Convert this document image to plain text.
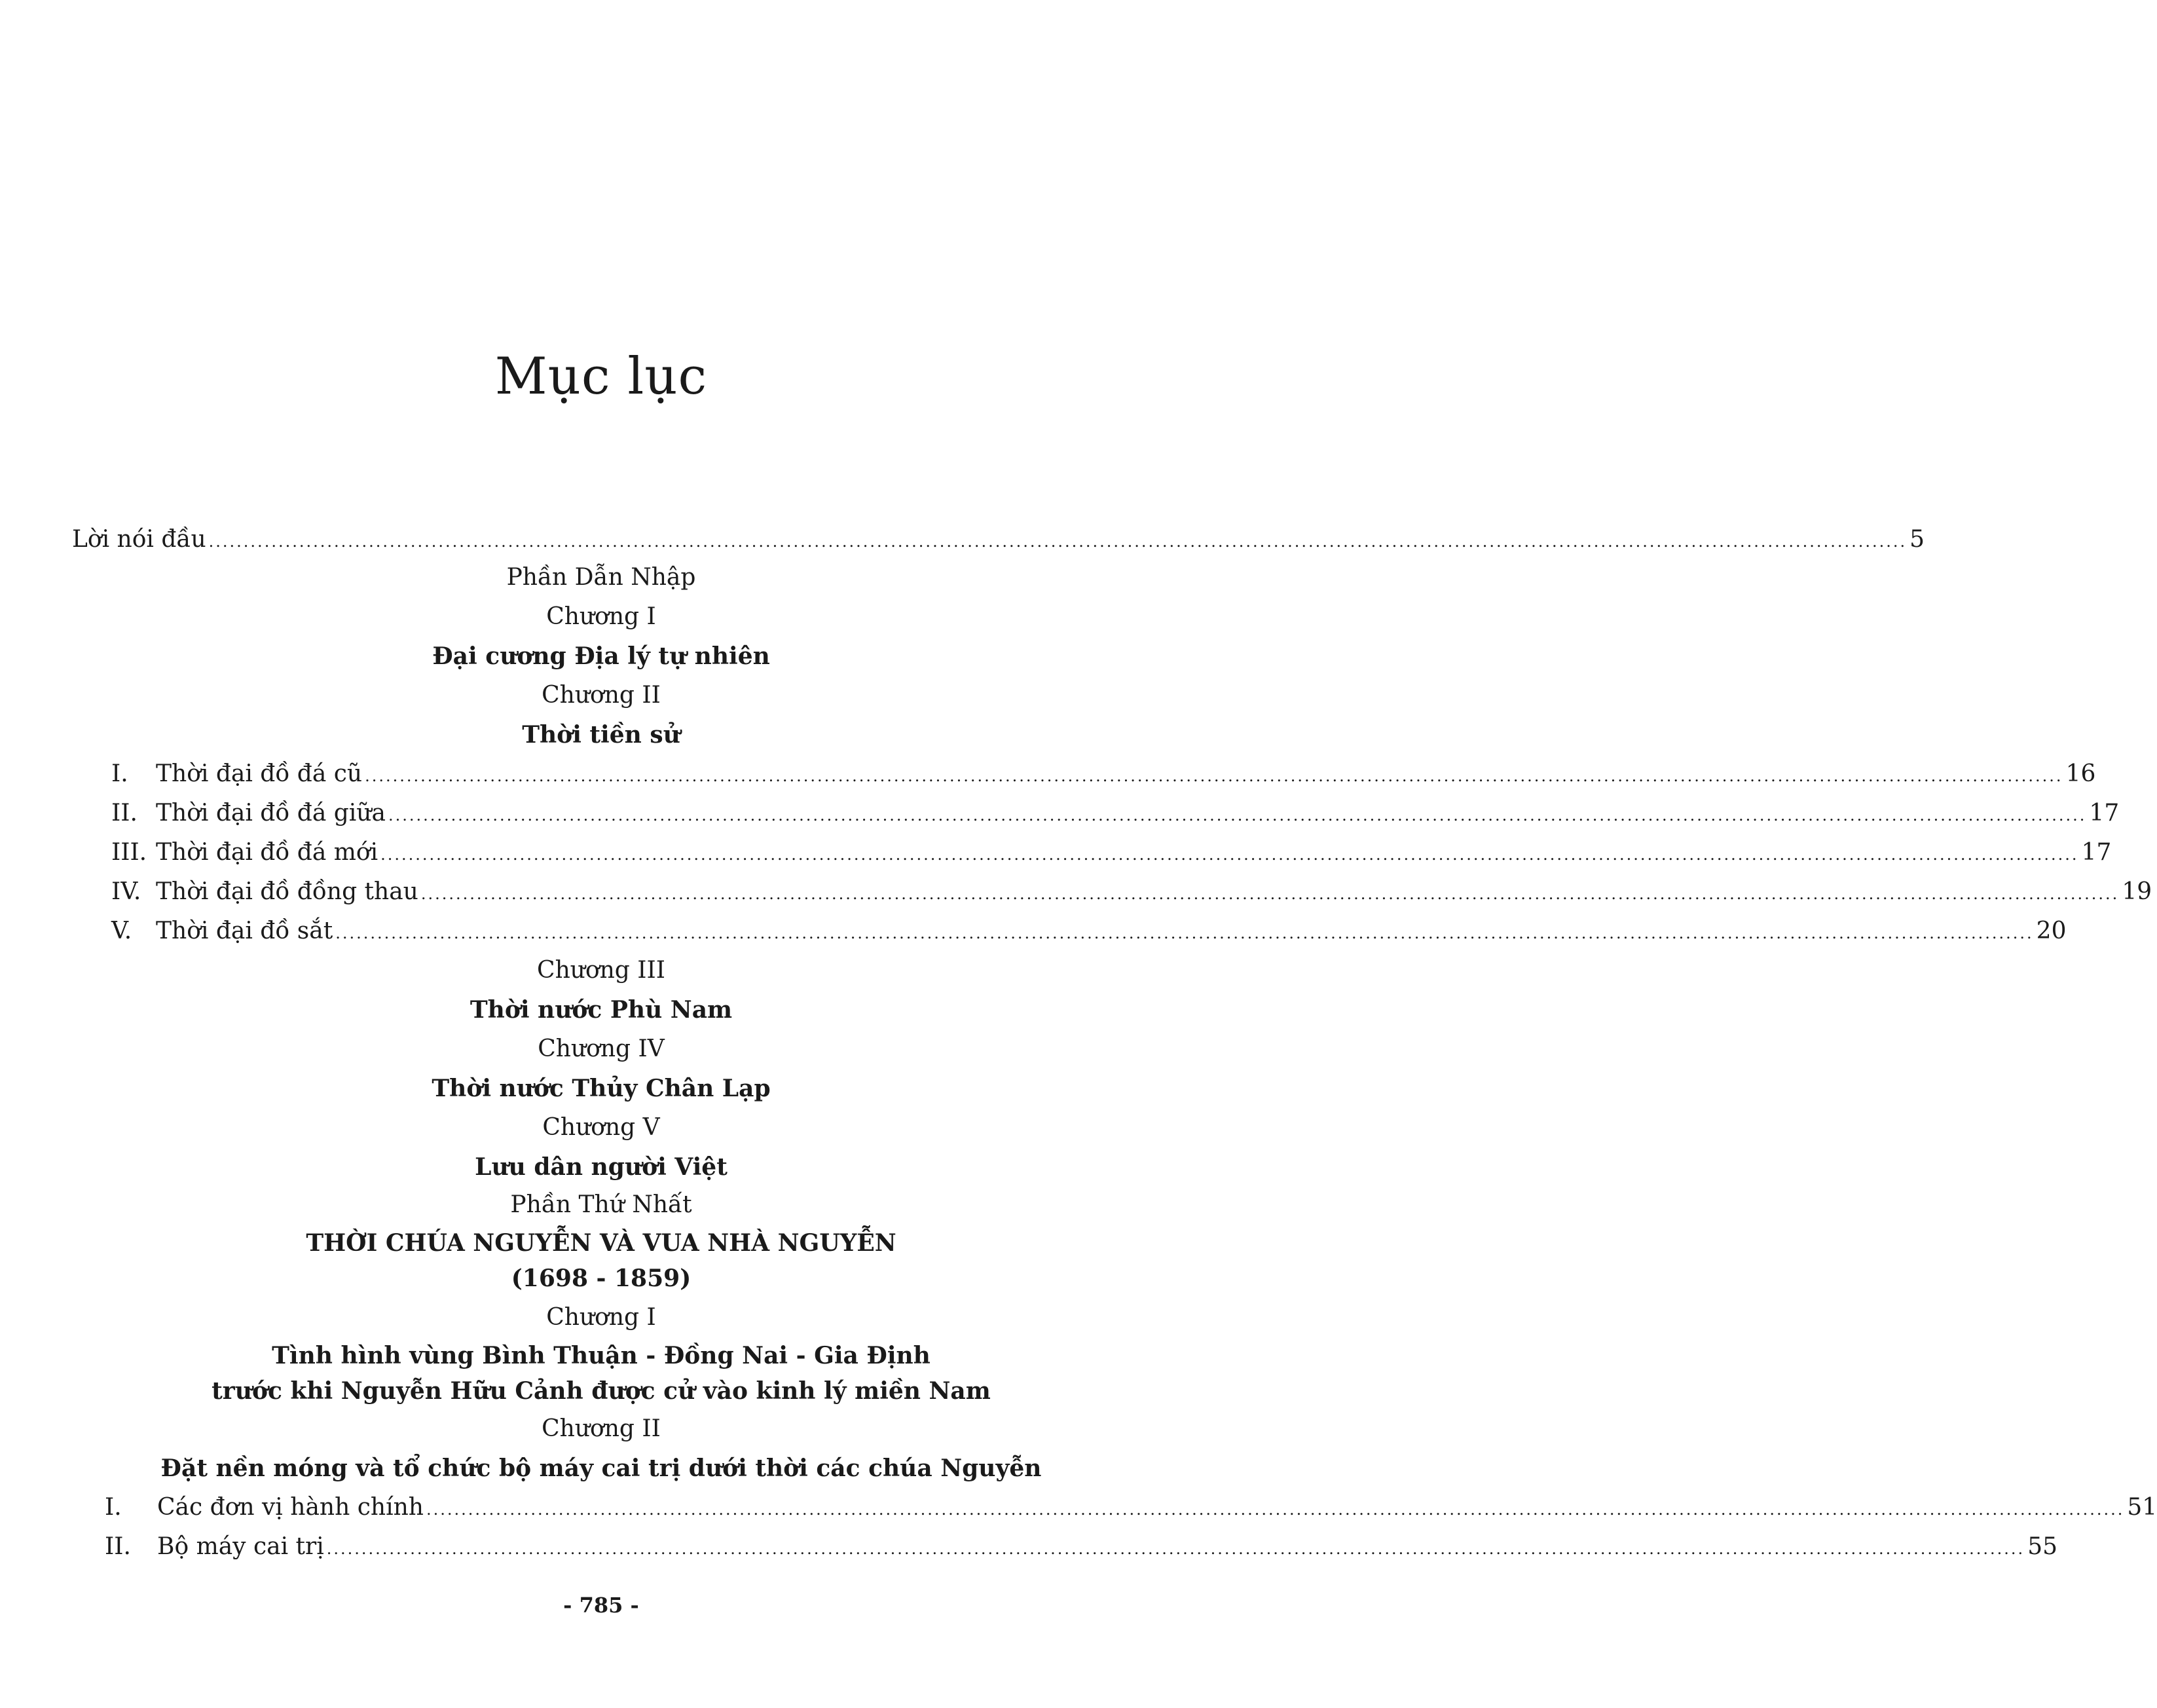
Mục lục
Lời nói đầu .................................................................................................................................................................................................................................................... 5
Phần Dẫn Nhập
Chương I
Đại cương Địa lý tự nhiên
Chương II
Thời tiền sử
I.	Thời đại đồ đá cũ .................................................................................................................................................................................................................................................... 16
II. Thời đại đồ đá giữa .................................................................................................................................................................................................................................................... 17
III. Thời đại đồ đá mới .................................................................................................................................................................................................................................................... 17
IV. Thời đại đồ đồng thau .................................................................................................................................................................................................................................................... 19
V.	Thời đại đồ sắt .................................................................................................................................................................................................................................................... 20
Chương III
Thời nước Phù Nam
Chương IV
Thời nước Thủy Chân Lạp
Chương V
Lưu dân người Việt
Phần Thứ Nhất
THỜI CHÚA NGUYỄN VÀ VUA NHÀ NGUYỄN
(1698 - 1859)
Chương I
Tình hình vùng Bình Thuận - Đồng Nai - Gia Định
trước khi Nguyễn Hữu Cảnh được cử vào kinh lý miền Nam
Chương II
Đặt nền móng và tổ chức bộ máy cai trị dưới thời các chúa Nguyễn
I.	Các đơn vị hành chính .................................................................................................................................................................................................................................................... 51
II.	Bộ máy cai trị .................................................................................................................................................................................................................................................... 55
- 785 -
